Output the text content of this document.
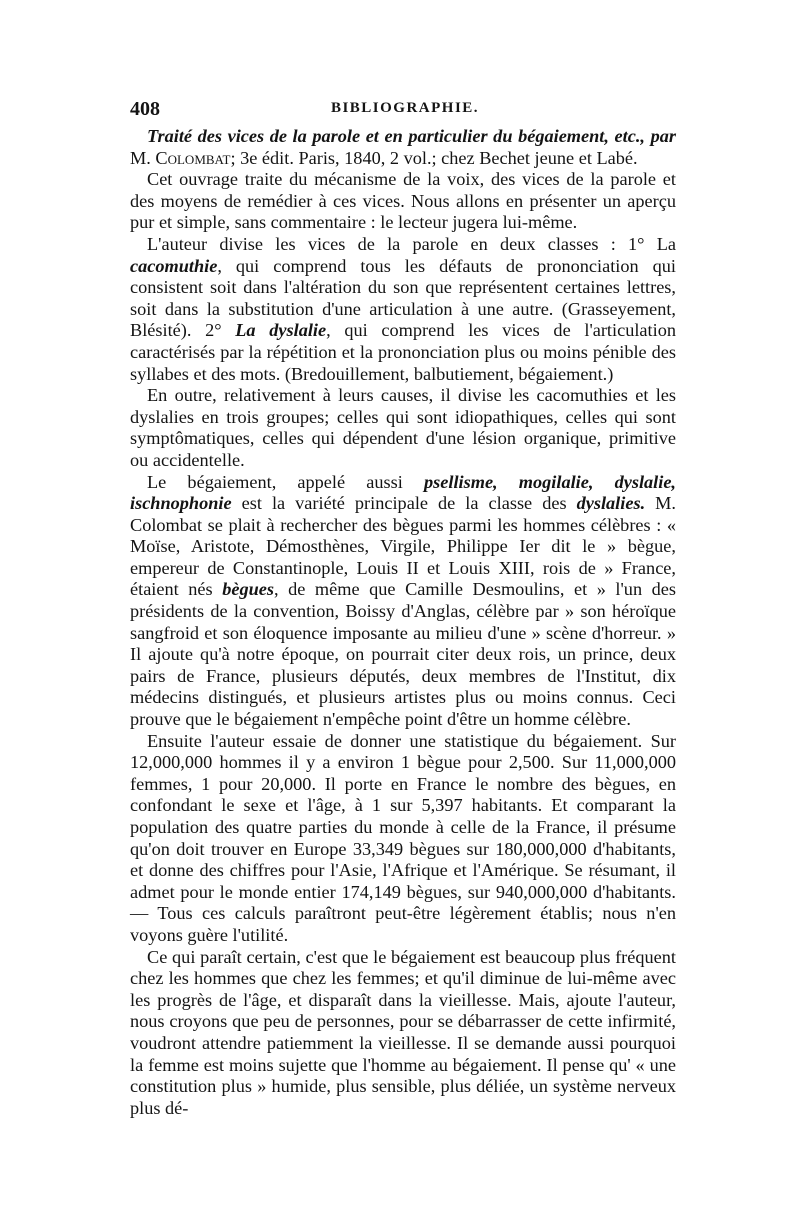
408	BIBLIOGRAPHIE.

Traité des vices de la parole et en particulier du bégaiement, etc., par M. Colombat; 3e édit. Paris, 1840, 2 vol.; chez Bechet jeune et Labé.

Cet ouvrage traite du mécanisme de la voix, des vices de la parole et des moyens de remédier à ces vices. Nous allons en présenter un aperçu pur et simple, sans commentaire : le lecteur jugera lui-même.

L'auteur divise les vices de la parole en deux classes : 1° La cacomuthie, qui comprend tous les défauts de prononciation qui consistent soit dans l'altération du son que représentent certaines lettres, soit dans la substitution d'une articulation à une autre. (Grasseyement, Blésité). 2° La dyslalie, qui comprend les vices de l'articulation caractérisés par la répétition et la prononciation plus ou moins pénible des syllabes et des mots. (Bredouillement, balbutiement, bégaiement.)

En outre, relativement à leurs causes, il divise les cacomuthies et les dyslalies en trois groupes; celles qui sont idiopathiques, celles qui sont symptômatiques, celles qui dépendent d'une lésion organique, primitive ou accidentelle.

Le bégaiement, appelé aussi psellisme, mogilalie, dyslalie, ischnophonie est la variété principale de la classe des dyslalies. M. Colombat se plait à rechercher des bègues parmi les hommes célèbres : « Moïse, Aristote, Démosthènes, Virgile, Philippe Ier dit le » bègue, empereur de Constantinople, Louis II et Louis XIII, rois de » France, étaient nés bègues, de même que Camille Desmoulins, et » l'un des présidents de la convention, Boissy d'Anglas, célèbre par » son héroïque sangfroid et son éloquence imposante au milieu d'une » scène d'horreur. » Il ajoute qu'à notre époque, on pourrait citer deux rois, un prince, deux pairs de France, plusieurs députés, deux membres de l'Institut, dix médecins distingués, et plusieurs artistes plus ou moins connus. Ceci prouve que le bégaiement n'empêche point d'être un homme célèbre.

Ensuite l'auteur essaie de donner une statistique du bégaiement. Sur 12,000,000 hommes il y a environ 1 bègue pour 2,500. Sur 11,000,000 femmes, 1 pour 20,000. Il porte en France le nombre des bègues, en confondant le sexe et l'âge, à 1 sur 5,397 habitants. Et comparant la population des quatre parties du monde à celle de la France, il présume qu'on doit trouver en Europe 33,349 bègues sur 180,000,000 d'habitants, et donne des chiffres pour l'Asie, l'Afrique et l'Amérique. Se résumant, il admet pour le monde entier 174,149 bègues, sur 940,000,000 d'habitants. — Tous ces calculs paraîtront peut-être légèrement établis; nous n'en voyons guère l'utilité.

Ce qui paraît certain, c'est que le bégaiement est beaucoup plus fréquent chez les hommes que chez les femmes; et qu'il diminue de lui-même avec les progrès de l'âge, et disparaît dans la vieillesse. Mais, ajoute l'auteur, nous croyons que peu de personnes, pour se débarrasser de cette infirmité, voudront attendre patiemment la vieillesse. Il se demande aussi pourquoi la femme est moins sujette que l'homme au bégaiement. Il pense qu' « une constitution plus » humide, plus sensible, plus déliée, un système nerveux plus dé-
